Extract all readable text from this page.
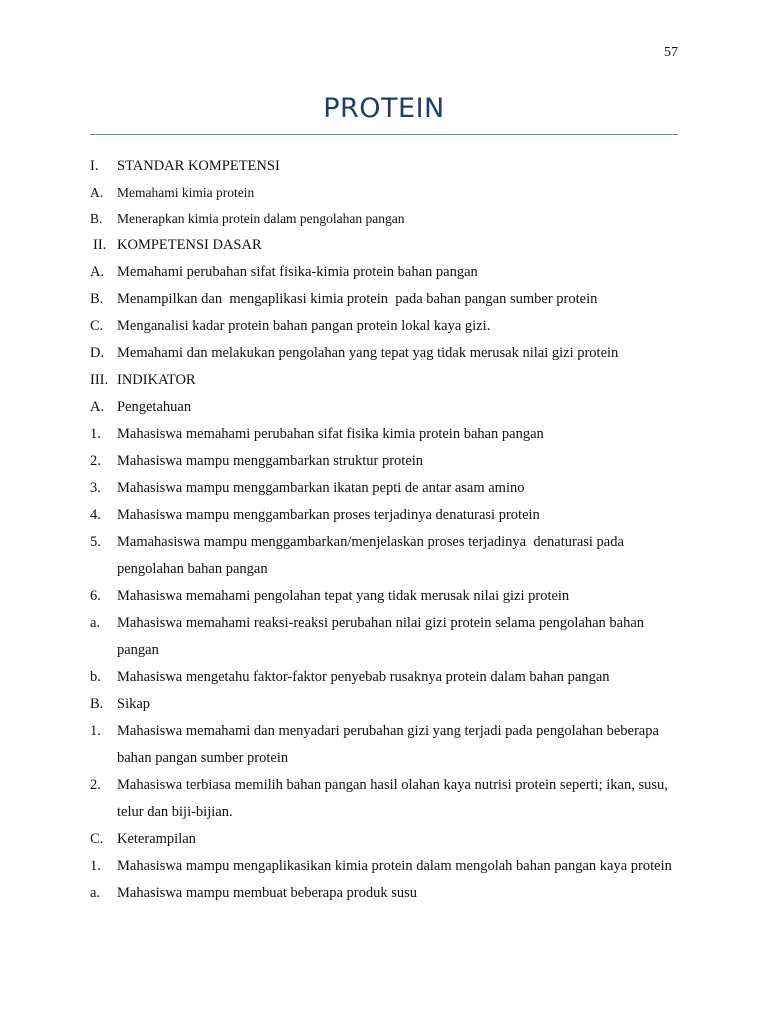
57
PROTEIN
I.	STANDAR KOMPETENSI
A.	Memahami kimia protein
B.	Menerapkan kimia protein dalam pengolahan pangan
II. KOMPETENSI DASAR
A. Memahami perubahan sifat fisika-kimia protein bahan pangan
B. Menampilkan dan  mengaplikasi kimia protein  pada bahan pangan sumber protein
C. Menganalisi kadar protein bahan pangan protein lokal kaya gizi.
D. Memahami dan melakukan pengolahan yang tepat yag tidak merusak nilai gizi protein
III. INDIKATOR
A. Pengetahuan
1.	Mahasiswa memahami perubahan sifat fisika kimia protein bahan pangan
2.	Mahasiswa mampu menggambarkan struktur protein
3.	Mahasiswa mampu menggambarkan ikatan pepti de antar asam amino
4.	Mahasiswa mampu menggambarkan proses terjadinya denaturasi protein
5.	Mamahasiswa mampu menggambarkan/menjelaskan proses terjadinya  denaturasi pada pengolahan bahan pangan
6.	Mahasiswa memahami pengolahan tepat yang tidak merusak nilai gizi protein
a.	Mahasiswa memahami reaksi-reaksi perubahan nilai gizi protein selama pengolahan bahan pangan
b.	Mahasiswa mengetahu faktor-faktor penyebab rusaknya protein dalam bahan pangan
B. Sikap
1.	Mahasiswa memahami dan menyadari perubahan gizi yang terjadi pada pengolahan beberapa bahan pangan sumber protein
2.	Mahasiswa terbiasa memilih bahan pangan hasil olahan kaya nutrisi protein seperti; ikan, susu, telur dan biji-bijian.
C. Keterampilan
1.	Mahasiswa mampu mengaplikasikan kimia protein dalam mengolah bahan pangan kaya protein
a.	Mahasiswa mampu membuat beberapa produk susu
